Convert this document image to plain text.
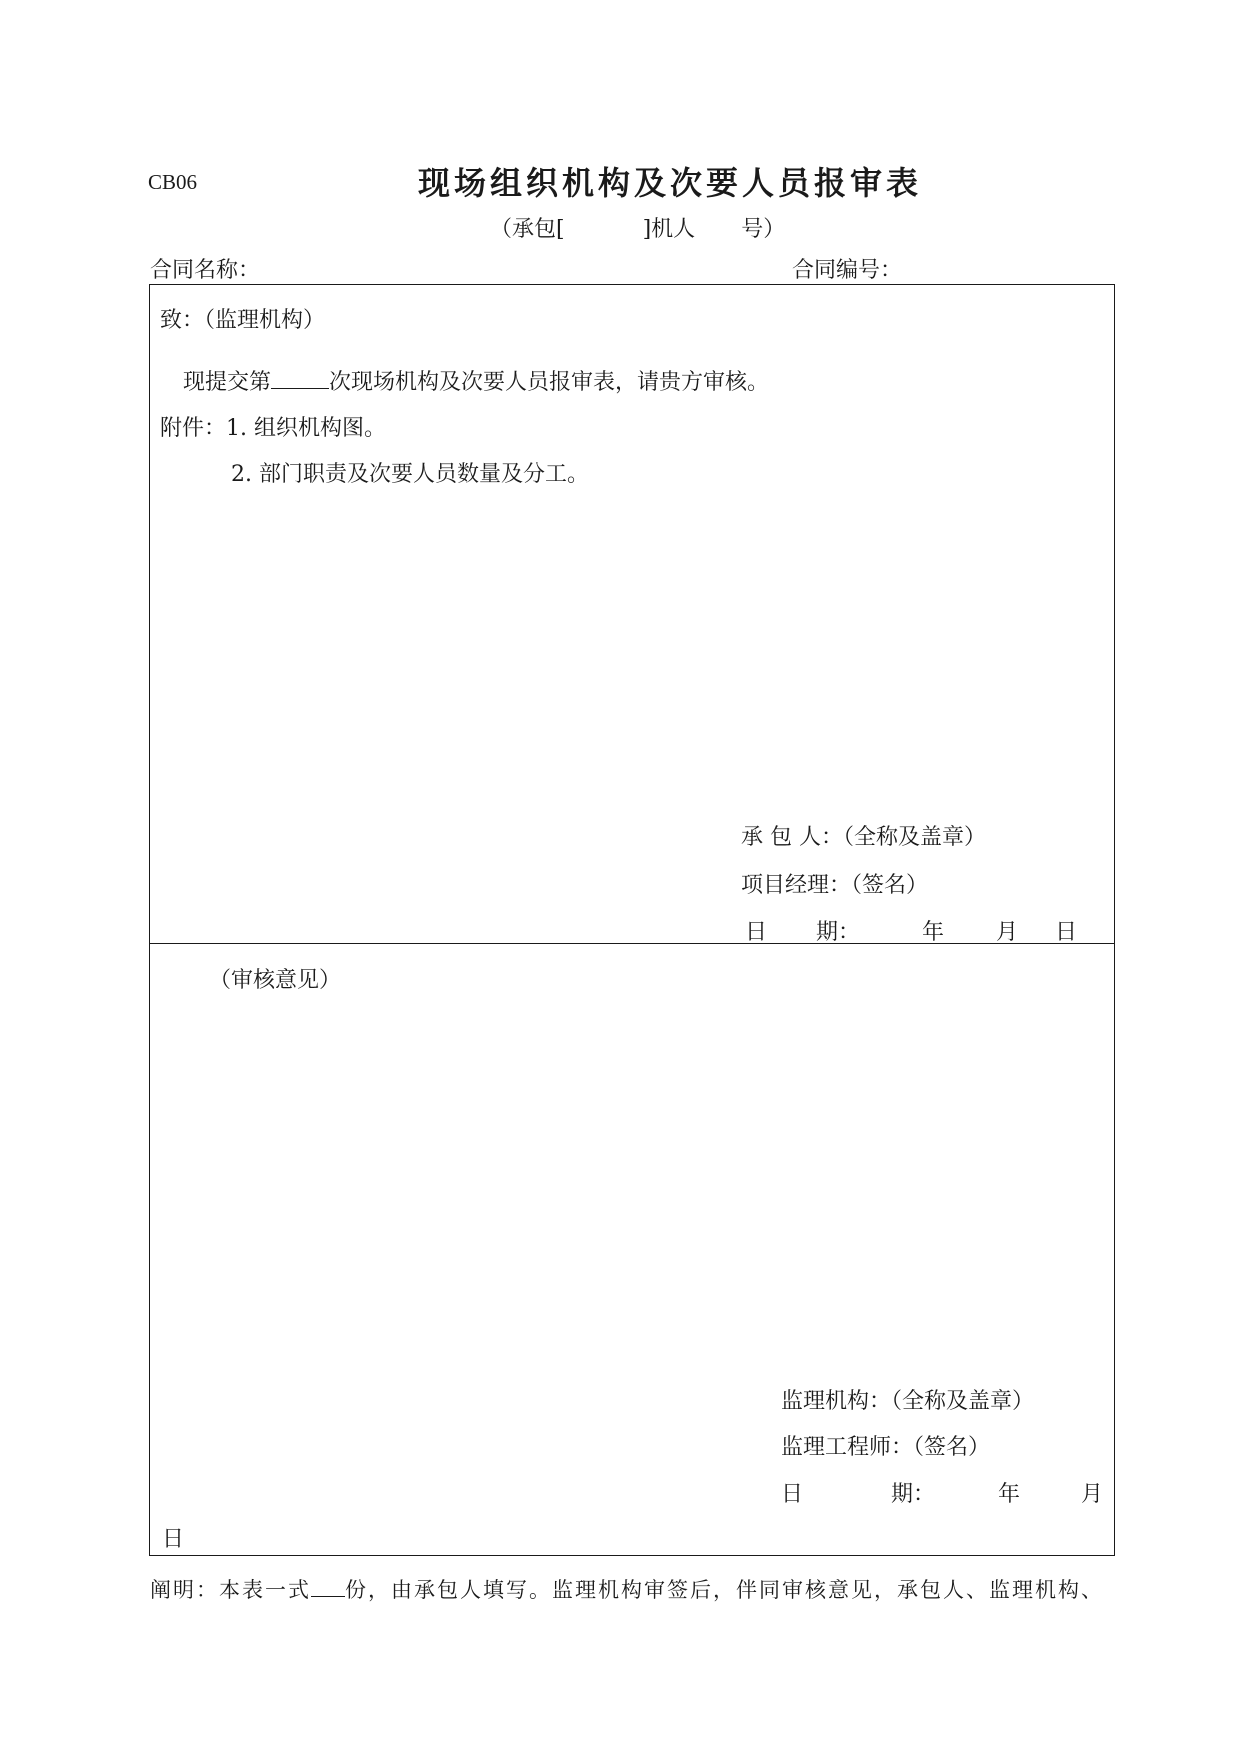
CB06	现场组织机构及次要人员报审表
（承包[	]机人 号）
合同名称：	合同编号：
致：（监理机构）
现提交第	次现场机构及次要人员报审表，请贵方审核。
附件：1. 组织机构图。
2. 部门职责及次要人员数量及分工。
承 包 人：（全称及盖章）
项目经理：（签名）
日 期：	年 月 日
（审核意见）
监理机构：（全称及盖章）
监理工程师：（签名）
日	期：	年	月
日
阐明：本表一式 份，由承包人填写。监理机构审签后，伴同审核意见，承包人、监理机构、
